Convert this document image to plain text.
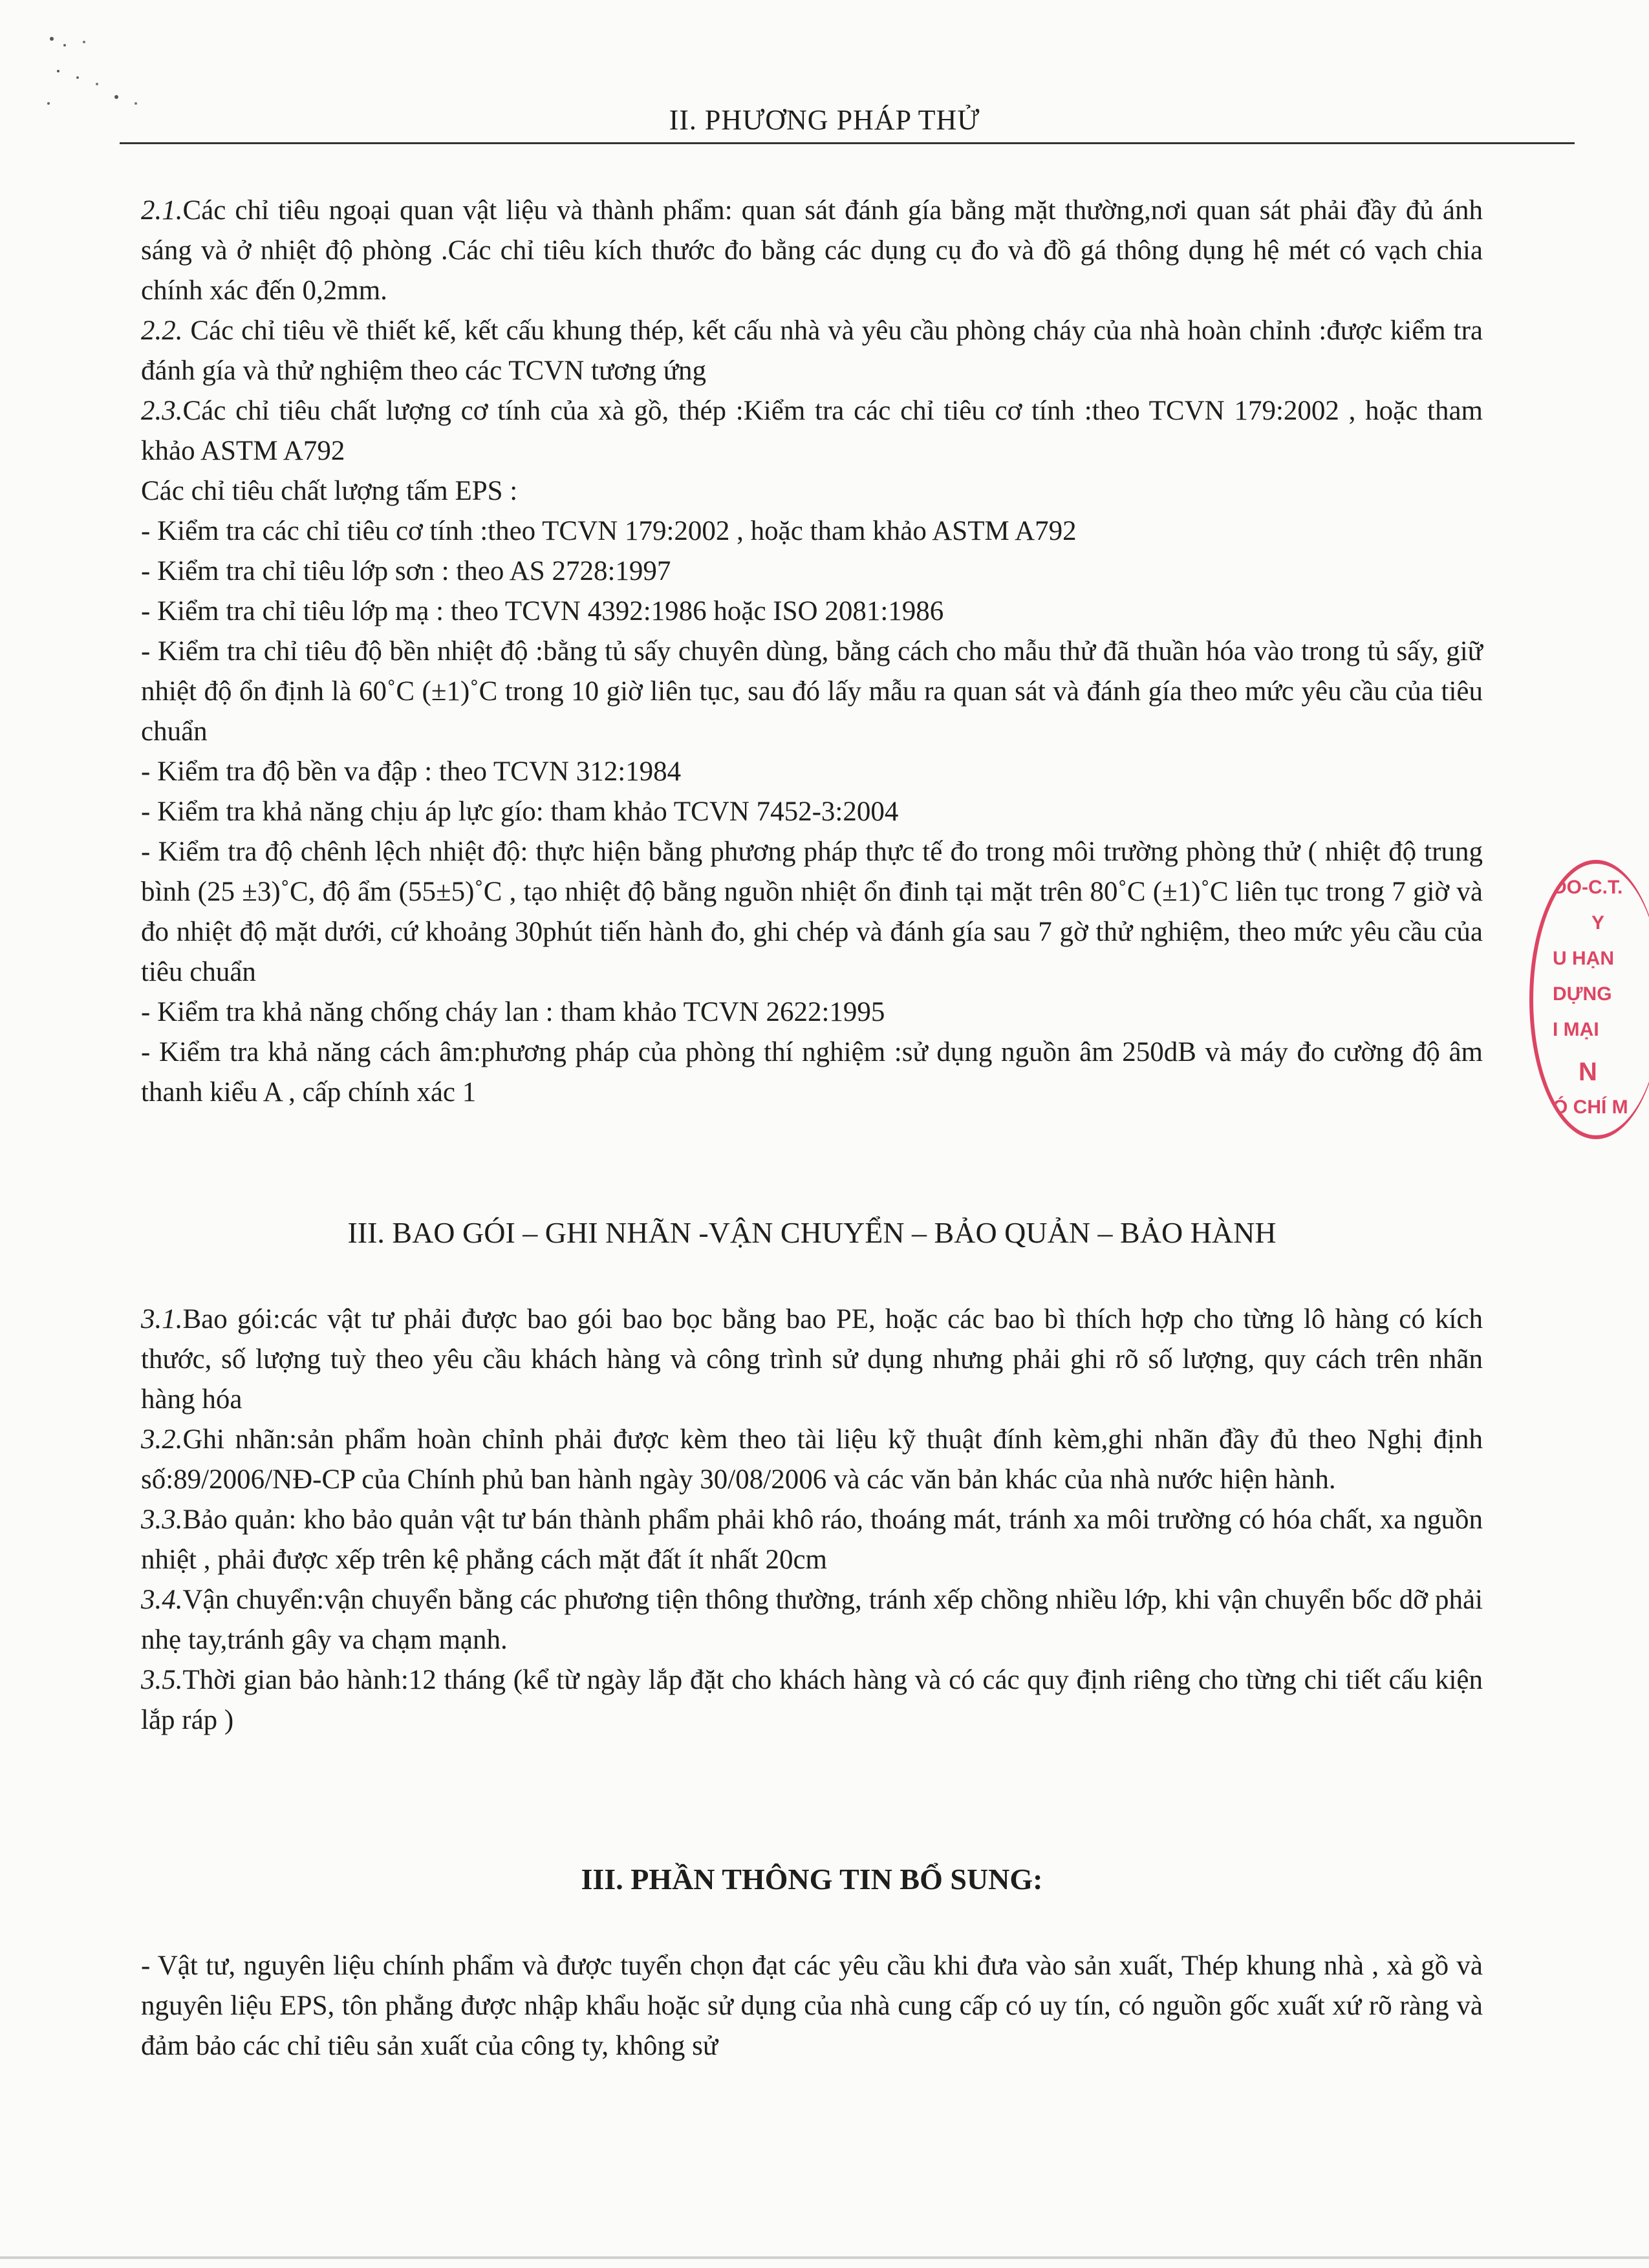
II. PHƯƠNG PHÁP THỬ

2.1.Các chỉ tiêu ngoại quan vật liệu và thành phẩm: quan sát đánh gía bằng mặt thường,nơi quan sát phải đầy đủ ánh sáng và ở nhiệt độ phòng .Các chỉ tiêu kích thước đo bằng các dụng cụ đo và đồ gá thông dụng hệ mét có vạch chia chính xác đến 0,2mm.

2.2. Các chỉ tiêu về thiết kế, kết cấu khung thép, kết cấu nhà và yêu cầu phòng cháy của nhà hoàn chỉnh :được kiểm tra đánh gía và thử nghiệm theo các TCVN tương ứng

2.3.Các chỉ tiêu chất lượng cơ tính của xà gồ, thép :Kiểm tra các chỉ tiêu cơ tính :theo TCVN 179:2002 , hoặc tham khảo ASTM A792

Các chỉ tiêu chất lượng tấm EPS :

- Kiểm tra các chỉ tiêu cơ tính :theo TCVN 179:2002 , hoặc tham khảo ASTM A792

- Kiểm tra chỉ tiêu lớp sơn : theo AS 2728:1997

- Kiểm tra chỉ tiêu lớp mạ : theo TCVN 4392:1986 hoặc ISO 2081:1986

- Kiểm tra chỉ tiêu độ bền nhiệt độ :bằng tủ sấy chuyên dùng, bằng cách cho mẫu thử đã thuần hóa vào trong tủ sấy, giữ nhiệt độ ổn định là 60˚C (±1)˚C trong 10 giờ liên tục, sau đó lấy mẫu ra quan sát và đánh gía theo mức yêu cầu của tiêu chuẩn

- Kiểm tra độ bền va đập : theo TCVN 312:1984

- Kiểm tra khả năng chịu áp lực gío: tham khảo TCVN 7452-3:2004

- Kiểm tra độ chênh lệch nhiệt độ: thực hiện bằng phương pháp thực tế đo trong môi trường phòng thử ( nhiệt độ trung bình (25 ±3)˚C, độ ẩm (55±5)˚C , tạo nhiệt độ bằng nguồn nhiệt ổn đinh tại mặt trên 80˚C (±1)˚C liên tục trong 7 giờ và đo nhiệt độ mặt dưới, cứ khoảng 30phút tiến hành đo, ghi chép và đánh gía sau 7 gờ thử nghiệm, theo mức yêu cầu của tiêu chuẩn

- Kiểm tra khả năng chống cháy lan : tham khảo TCVN 2622:1995

- Kiểm tra khả năng cách âm:phương pháp của phòng thí nghiệm :sử dụng nguồn âm 250dB và máy đo cường độ âm thanh kiểu A , cấp chính xác 1

III. BAO GÓI – GHI NHÃN -VẬN CHUYỂN – BẢO QUẢN – BẢO HÀNH

3.1.Bao gói:các vật tư phải được bao gói bao bọc bằng bao PE, hoặc các bao bì thích hợp cho từng lô hàng có kích thước, số lượng tuỳ theo yêu cầu khách hàng và công trình sử dụng nhưng phải ghi rõ số lượng, quy cách trên nhãn hàng hóa

3.2.Ghi nhãn:sản phẩm hoàn chỉnh phải được kèm theo tài liệu kỹ thuật đính kèm,ghi nhãn đầy đủ theo Nghị định số:89/2006/NĐ-CP của Chính phủ ban hành ngày 30/08/2006 và các văn bản khác của nhà nước hiện hành.

3.3.Bảo quản: kho bảo quản vật tư bán thành phẩm phải khô ráo, thoáng mát, tránh xa môi trường có hóa chất, xa nguồn nhiệt , phải được xếp trên kệ phẳng cách mặt đất ít nhất 20cm

3.4.Vận chuyển:vận chuyển bằng các phương tiện thông thường, tránh xếp chồng nhiều lớp, khi vận chuyển bốc dỡ phải nhẹ tay,tránh gây va chạm mạnh.

3.5.Thời gian bảo hành:12 tháng (kể từ ngày lắp đặt cho khách hàng và có các quy định riêng cho từng chi tiết cấu kiện lắp ráp )

III. PHẦN THÔNG TIN BỔ SUNG:

- Vật tư, nguyên liệu chính phẩm và được tuyển chọn đạt các yêu cầu khi đưa vào sản xuất, Thép khung nhà , xà gồ và nguyên liệu EPS, tôn phẳng được nhập khẩu hoặc sử dụng của nhà cung cấp có uy tín, có nguồn gốc xuất xứ rõ ràng và đảm bảo các chỉ tiêu sản xuất của công ty, không sử

DO-C.T.
Y
U HẠN
DỰNG
I MẠI
N
Ó CHÍ M
